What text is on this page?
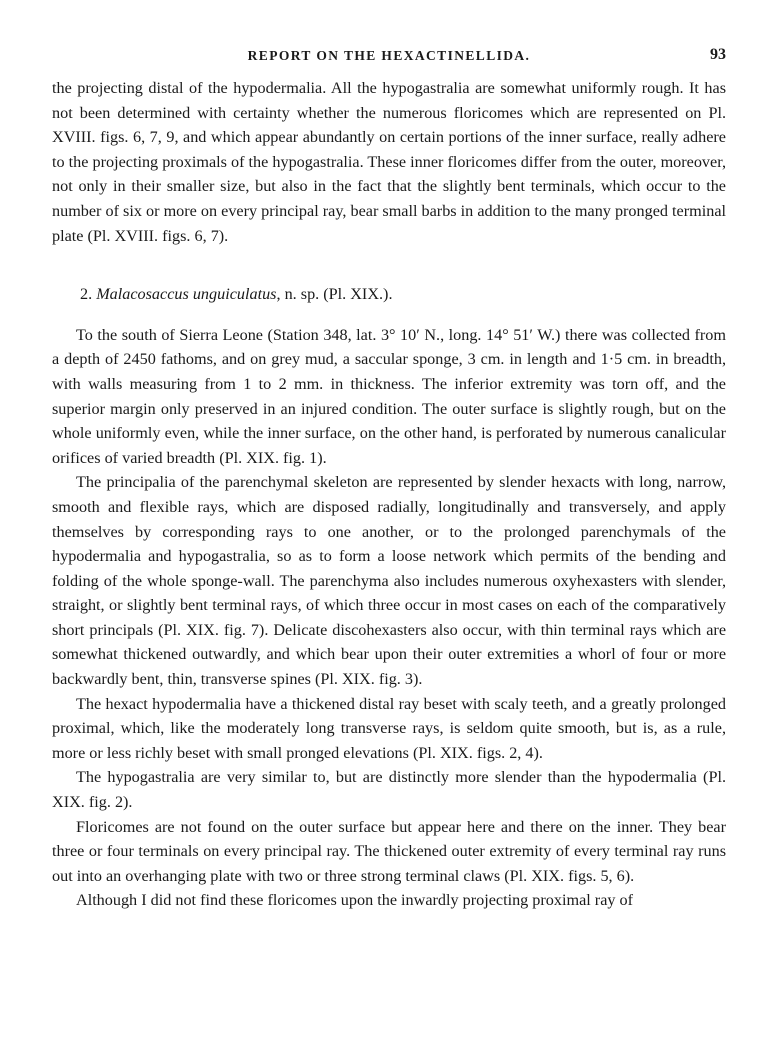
REPORT ON THE HEXACTINELLIDA.	93

the projecting distal of the hypodermalia. All the hypogastralia are somewhat uniformly rough. It has not been determined with certainty whether the numerous floricomes which are represented on Pl. XVIII. figs. 6, 7, 9, and which appear abundantly on certain portions of the inner surface, really adhere to the projecting proximals of the hypogastralia. These inner floricomes differ from the outer, moreover, not only in their smaller size, but also in the fact that the slightly bent terminals, which occur to the number of six or more on every principal ray, bear small barbs in addition to the many pronged terminal plate (Pl. XVIII. figs. 6, 7).

2. Malacosaccus unguiculatus, n. sp. (Pl. XIX.).

To the south of Sierra Leone (Station 348, lat. 3° 10′ N., long. 14° 51′ W.) there was collected from a depth of 2450 fathoms, and on grey mud, a saccular sponge, 3 cm. in length and 1·5 cm. in breadth, with walls measuring from 1 to 2 mm. in thickness. The inferior extremity was torn off, and the superior margin only preserved in an injured condition. The outer surface is slightly rough, but on the whole uniformly even, while the inner surface, on the other hand, is perforated by numerous canalicular orifices of varied breadth (Pl. XIX. fig. 1).

The principalia of the parenchymal skeleton are represented by slender hexacts with long, narrow, smooth and flexible rays, which are disposed radially, longitudinally and transversely, and apply themselves by corresponding rays to one another, or to the prolonged parenchymals of the hypodermalia and hypogastralia, so as to form a loose network which permits of the bending and folding of the whole sponge-wall. The parenchyma also includes numerous oxyhexasters with slender, straight, or slightly bent terminal rays, of which three occur in most cases on each of the comparatively short principals (Pl. XIX. fig. 7). Delicate discohexasters also occur, with thin terminal rays which are somewhat thickened outwardly, and which bear upon their outer extremities a whorl of four or more backwardly bent, thin, transverse spines (Pl. XIX. fig. 3).

The hexact hypodermalia have a thickened distal ray beset with scaly teeth, and a greatly prolonged proximal, which, like the moderately long transverse rays, is seldom quite smooth, but is, as a rule, more or less richly beset with small pronged elevations (Pl. XIX. figs. 2, 4).

The hypogastralia are very similar to, but are distinctly more slender than the hypodermalia (Pl. XIX. fig. 2).

Floricomes are not found on the outer surface but appear here and there on the inner. They bear three or four terminals on every principal ray. The thickened outer extremity of every terminal ray runs out into an overhanging plate with two or three strong terminal claws (Pl. XIX. figs. 5, 6).

Although I did not find these floricomes upon the inwardly projecting proximal ray of
